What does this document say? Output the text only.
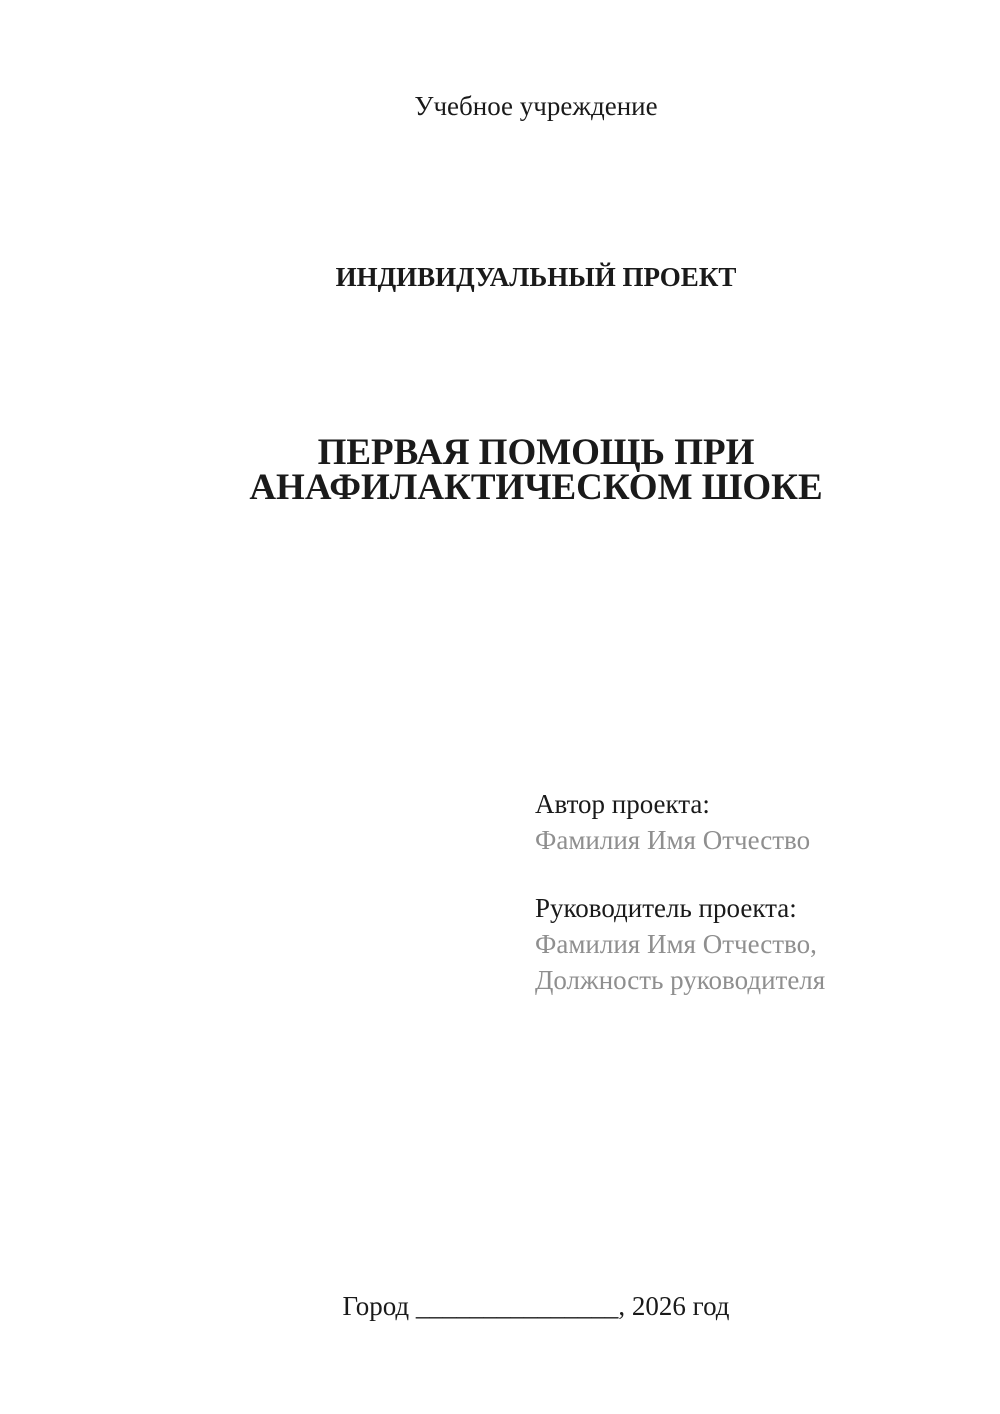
Учебное учреждение
ИНДИВИДУАЛЬНЫЙ ПРОЕКТ
ПЕРВАЯ ПОМОЩЬ ПРИ
АНАФИЛАКТИЧЕСКОМ ШОКЕ
Автор проекта:
Фамилия Имя Отчество
Руководитель проекта:
Фамилия Имя Отчество,
Должность руководителя
Город _______________, 2026 год
